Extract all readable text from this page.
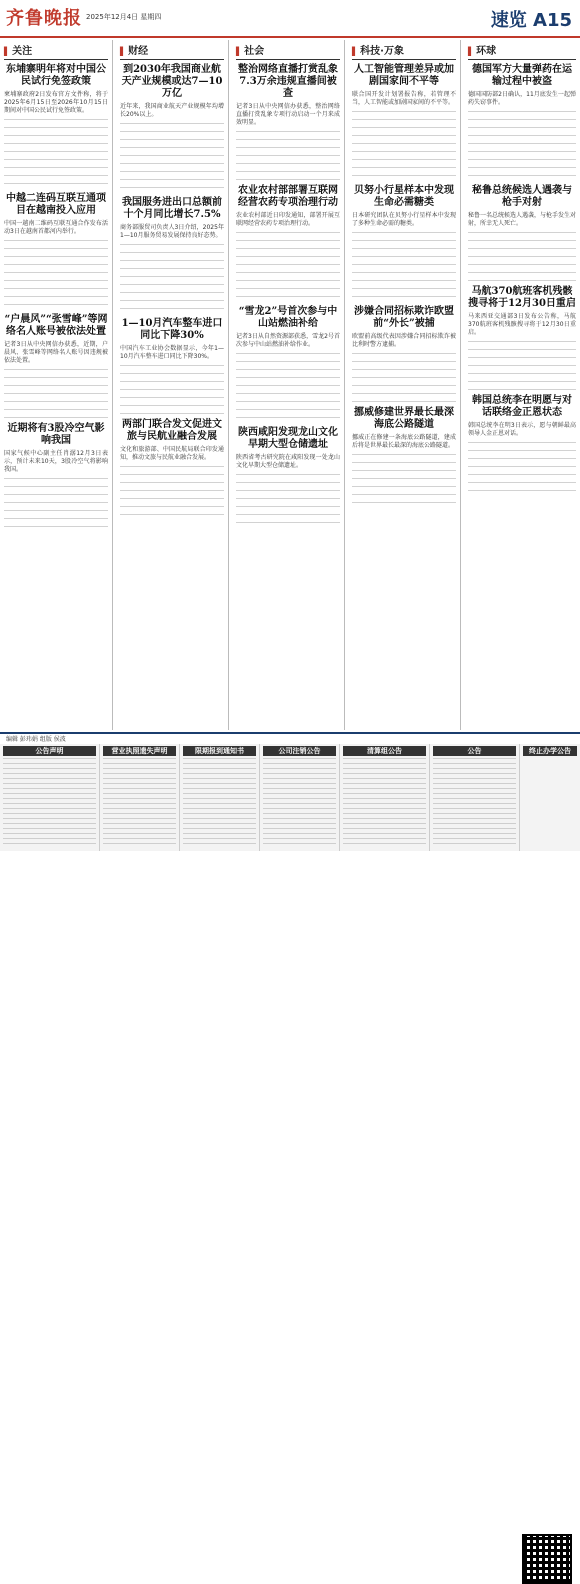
齐鲁晚报 2025年12月4日 星期四	速览 A15
▌ 关注
东埔寨明年将对中国公民试行免签政策
柬埔寨政府2日发布官方文件称，将于2025年6月15日至2026年10月15日期间对中国公民试行免签政策。
中越二连码互联互通项目在越南投入应用
中国一越南二维码互联互通合作发布活动3日在越南首都河内举行。
“户晨风”“张雪峰”等网络名人账号被依法处置
记者3日从中央网信办获悉，近期，户晨风、张雪峰等网络名人账号因违规被依法处置。
近期将有3股冷空气影响我国
国家气候中心副主任肖潺12月3日表示，预计未来10天，3股冷空气将影响我国。
▌ 财经
到2030年我国商业航天产业规模或达7—10万亿
近年来，我国商业航天产业规模年均增长20%以上。
我国服务进出口总额前十个月同比增长7.5%
商务部服贸司负责人3日介绍，2025年1—10月服务贸易发展保持良好态势。
1—10月汽车整车进口同比下降30%
中国汽车工业协会数据显示，今年1—10月汽车整车进口同比下降30%。
两部门联合发文促进文旅与民航业融合发展
文化和旅游部、中国民航局联合印发通知，推动文旅与民航业融合发展。
▌ 社会
整治网络直播打赏乱象7.3万余违规直播间被查
记者3日从中央网信办获悉，整治网络直播打赏乱象专项行动启动一个月来成效明显。
农业农村部部署互联网经营农药专项治理行动
农业农村部近日印发通知，部署开展互联网经营农药专项治理行动。
“雪龙2”号首次参与中山站燃油补给
记者3日从自然资源部获悉，雪龙2号首次参与中山站燃油补给作业。
陕西咸阳发现龙山文化早期大型仓储遗址
陕西省考古研究院在咸阳发现一处龙山文化早期大型仓储遗址。
▌ 科技·万象
人工智能管理差异或加剧国家间不平等
联合国开发计划署报告称，若管理不当，人工智能或加剧国家间的不平等。
贝努小行星样本中发现生命必需糖类
日本研究团队在贝努小行星样本中发现了多种生命必需的糖类。
涉嫌合同招标欺诈欧盟前“外长”被捕
欧盟前高级代表因涉嫌合同招标欺诈被比利时警方逮捕。
挪威修建世界最长最深海底公路隧道
挪威正在修建一条海底公路隧道，建成后将是世界最长最深的海底公路隧道。
▌ 环球
德国军方大量弹药在运输过程中被盗
德国国防部2日确认，11月底发生一起弹药失窃事件。
秘鲁总统候选人遇袭与枪手对射
秘鲁一名总统候选人遇袭，与枪手发生对射，所幸无人死亡。
马航370航班客机残骸搜寻将于12月30日重启
马来西亚交通部3日发布公告称，马航370航班客机残骸搜寻将于12月30日重启。
韩国总统李在明愿与对话联络金正恩状态
韩国总统李在明3日表示，愿与朝鲜最高领导人金正恩对话。
编辑 彭玮娟 组版 侯波
公告声明	营业执照遗失声明	限期报到通知书	公司注销公告	清算组公告	公告	终止办学公告
